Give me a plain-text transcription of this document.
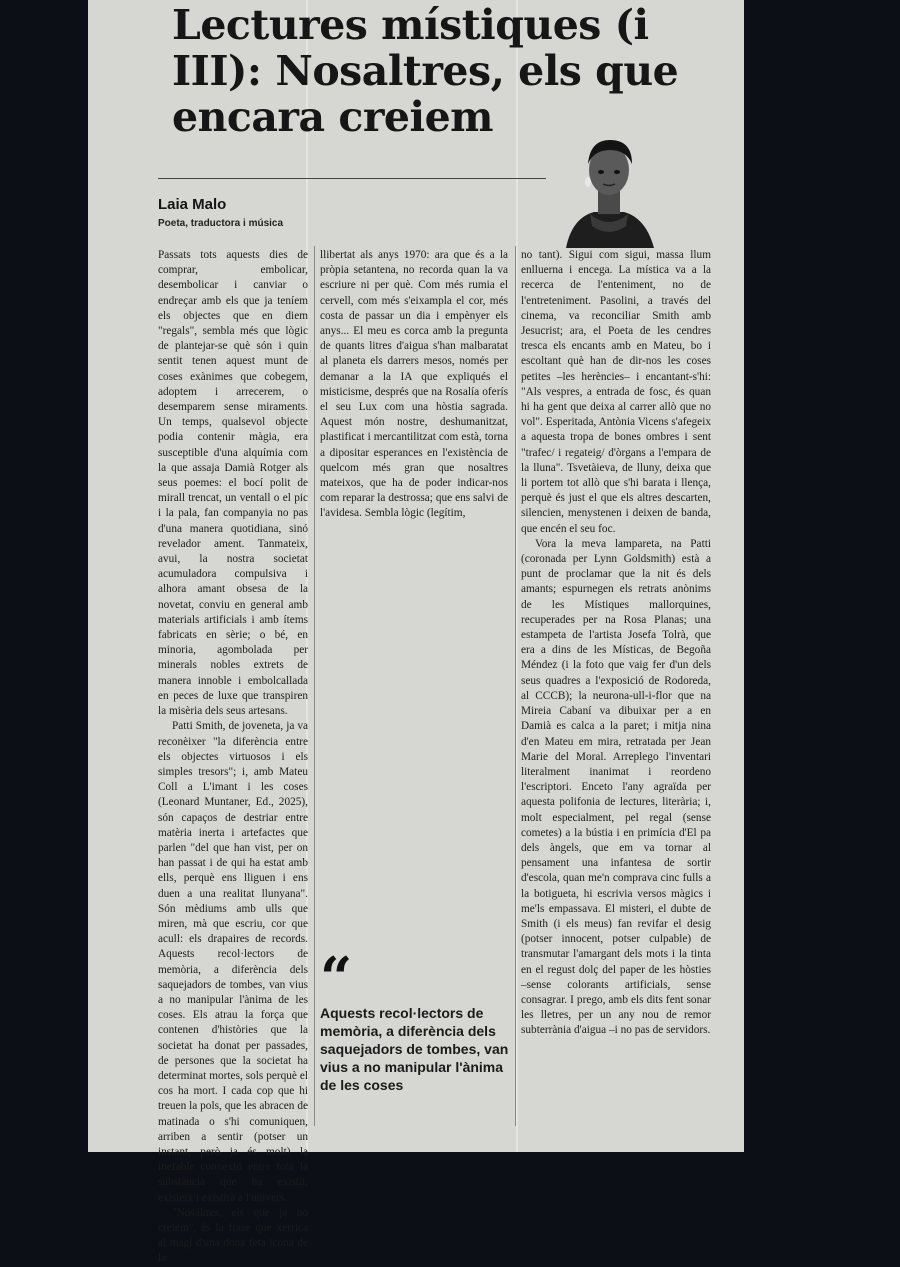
Lectures místiques (i III): Nosaltres, els que encara creiem
Laia Malo
Poeta, traductora i música

Passats tots aquests dies de comprar, embolicar, desembolicar i canviar o endreçar amb els que ja teníem els objectes que en diem "regals", sembla més que lògic de plantejar-se què són i quin sentit tenen aquest munt de coses exànimes que cobegem, adoptem i arrecerem, o desemparem sense miraments. Un temps, qualsevol objecte podia contenir màgia, era susceptible d'una alquímia com la que assaja Damià Rotger als seus poemes: el bocí polit de mirall trencat, un ventall o el pic i la pala, fan companyia no pas d'una manera quotidiana, sinó revelador ament. Tanmateix, avui, la nostra societat acumuladora compulsiva i alhora amant obsesa de la novetat, conviu en general amb materials artificials i amb ítems fabricats en sèrie; o bé, en minoria, agombolada per minerals nobles extrets de manera innoble i embolcallada en peces de luxe que transpiren la misèria dels seus artesans.

Patti Smith, de joveneta, ja va reconèixer "la diferència entre els objectes virtuosos i els simples tresors"; i, amb Mateu Coll a L'imant i les coses (Leonard Muntaner, Ed., 2025), són capaços de destriar entre matèria inerta i artefactes que parlen "del que han vist, per on han passat i de qui ha estat amb ells, perquè ens lliguen i ens duen a una realitat llunyana". Són mèdiums amb ulls que miren, mà que escriu, cor que acull: els drapaires de records. Aquests recol·lectors de memòria, a diferència dels saquejadors de tombes, van vius a no manipular l'ànima de les coses. Els atrau la força que contenen d'històries que la societat ha donat per passades, de persones que la societat ha determinat mortes, sols perquè el cos ha mort. I cada cop que hi treuen la pols, que les abracen de matinada o s'hi comuniquen, arriben a sentir (potser un instant, però ja és molt) la inefable connexió entre tota la substància que ha existit, existeix i existirà a l'univers.

"Nosaltres, els que ja no creiem", és la frase que xerrica al magí d'una dona feta icona de la

llibertat als anys 1970: ara que és a la pròpia setantena, no recorda quan la va escriure ni per què. Com més rumia el cervell, com més s'eixampla el cor, més costa de passar un dia i empènyer els anys... El meu es corca amb la pregunta de quants litres d'aigua s'han malbaratat al planeta els darrers mesos, només per demanar a la IA que expliqués el misticisme, després que na Rosalía oferís el seu Lux com una hòstia sagrada. Aquest món nostre, deshumanitzat, plastificat i mercantilitzat com està, torna a dipositar esperances en l'existència de quelcom més gran que nosaltres mateixos, que ha de poder indicar-nos com reparar la destrossa; que ens salvi de l'avidesa. Sembla lògic (legítim,

“
Aquests recol·lectors de memòria, a diferència dels saquejadors de tombes, van vius a no manipular l'ànima de les coses

no tant). Sigui com sigui, massa llum enlluerna i encega. La mística va a la recerca de l'enteniment, no de l'entreteniment. Pasolini, a través del cinema, va reconciliar Smith amb Jesucrist; ara, el Poeta de les cendres tresca els encants amb en Mateu, bo i escoltant què han de dir-nos les coses petites –les herències– i encantant-s'hi: "Als vespres, a entrada de fosc, és quan hi ha gent que deixa al carrer allò que no vol". Esperitada, Antònia Vicens s'afegeix a aquesta tropa de bones ombres i sent "trafec/ i regateig/ d'òrgans a l'empara de la lluna". Tsvetàieva, de lluny, deixa que li portem tot allò que s'hi barata i llença, perquè és just el que els altres descarten, silencien, menystenen i deixen de banda, que encén el seu foc.

Vora la meva lampareta, na Patti (coronada per Lynn Goldsmith) està a punt de proclamar que la nit és dels amants; espurnegen els retrats anònims de les Místiques mallorquines, recuperades per na Rosa Planas; una estampeta de l'artista Josefa Tolrà, que era a dins de les Místicas, de Begoña Méndez (i la foto que vaig fer d'un dels seus quadres a l'exposició de Rodoreda, al CCCB); la neurona-ull-i-flor que na Mireia Cabaní va dibuixar per a en Damià es calca a la paret; i mitja nina d'en Mateu em mira, retratada per Jean Marie del Moral. Arreplego l'inventari literalment inanimat i reordeno l'escriptori. Encetо l'any agraïda per aquesta polifonia de lectures, literària; i, molt especialment, pel regal (sense cometes) a la bústia i en primícia d'El pa dels àngels, que em va tornar al pensament una infantesa de sortir d'escola, quan me'n comprava cinc fulls a la botigueta, hi escrivia versos màgics i me'ls empassava. El misteri, el dubte de Smith (i els meus) fan revifar el desig (potser innocent, potser culpable) de transmutar l'amargant dels mots i la tinta en el regust dolç del paper de les hòsties –sense colorants artificials, sense consagrar. I prego, amb els dits fent sonar les lletres, per un any nou de remor subterrània d'aigua –i no pas de servidors.
